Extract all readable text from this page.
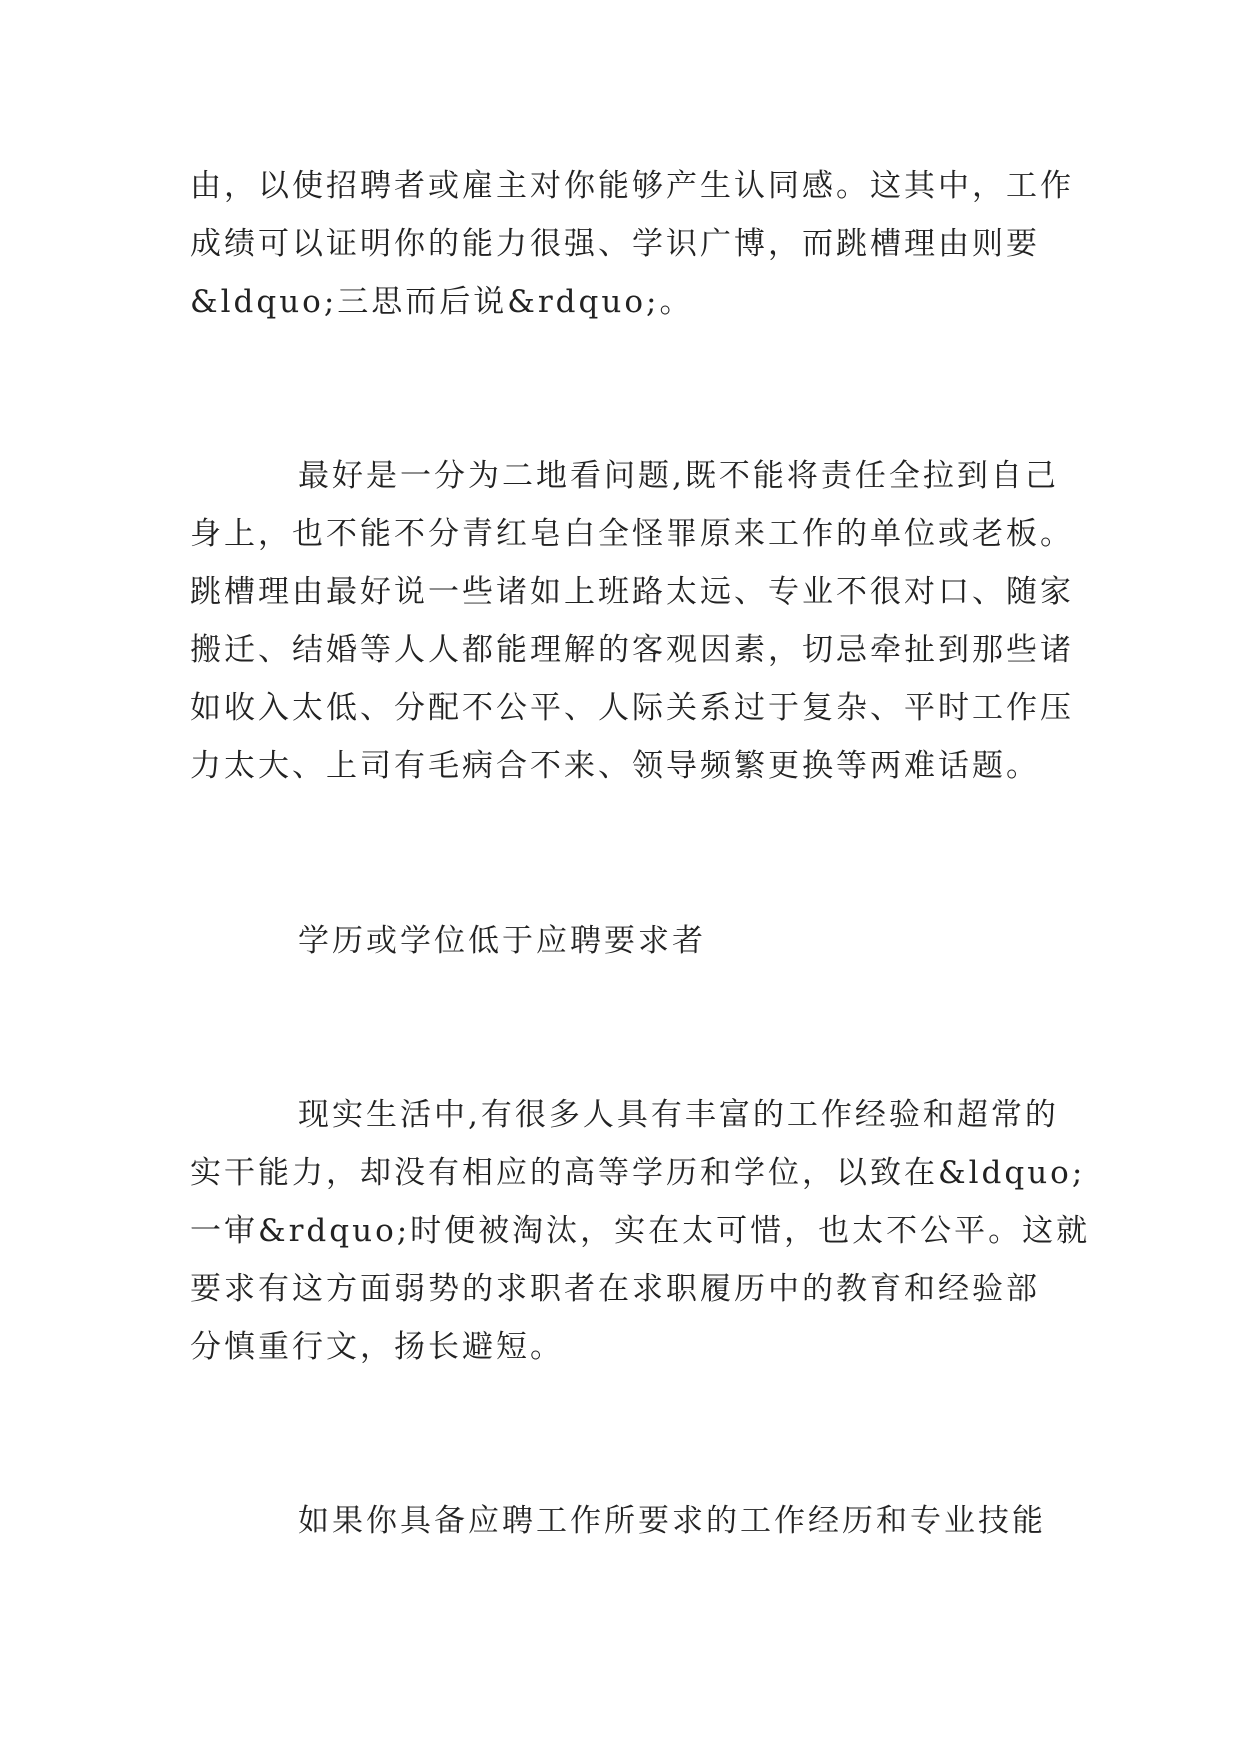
由，以使招聘者或雇主对你能够产生认同感。这其中，工作
成绩可以证明你的能力很强、学识广博，而跳槽理由则要
&ldquo;三思而后说&rdquo;。
最好是一分为二地看问题,既不能将责任全拉到自己
身上，也不能不分青红皂白全怪罪原来工作的单位或老板。
跳槽理由最好说一些诸如上班路太远、专业不很对口、随家
搬迁、结婚等人人都能理解的客观因素，切忌牵扯到那些诸
如收入太低、分配不公平、人际关系过于复杂、平时工作压
力太大、上司有毛病合不来、领导频繁更换等两难话题。
学历或学位低于应聘要求者
现实生活中,有很多人具有丰富的工作经验和超常的
实干能力，却没有相应的高等学历和学位，以致在&ldquo;
一审&rdquo;时便被淘汰，实在太可惜，也太不公平。这就
要求有这方面弱势的求职者在求职履历中的教育和经验部
分慎重行文，扬长避短。
如果你具备应聘工作所要求的工作经历和专业技能
